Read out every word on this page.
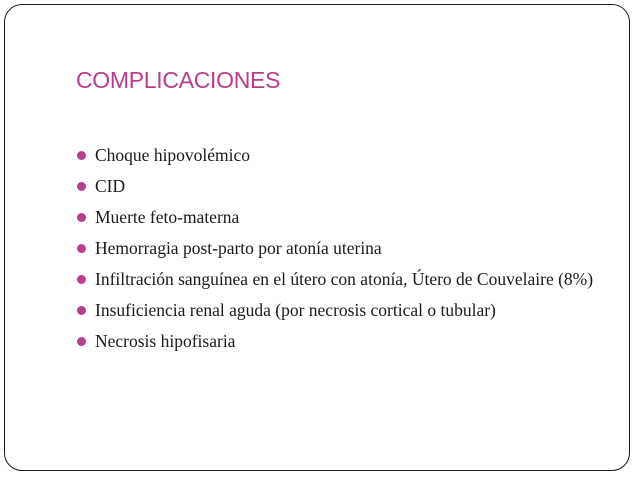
COMPLICACIONES
Choque hipovolémico
CID
Muerte feto-materna
Hemorragia post-parto por atonía uterina
Infiltración sanguínea en el útero con atonía, Útero de Couvelaire (8%)
Insuficiencia renal aguda (por necrosis cortical o tubular)
Necrosis hipofisaria
